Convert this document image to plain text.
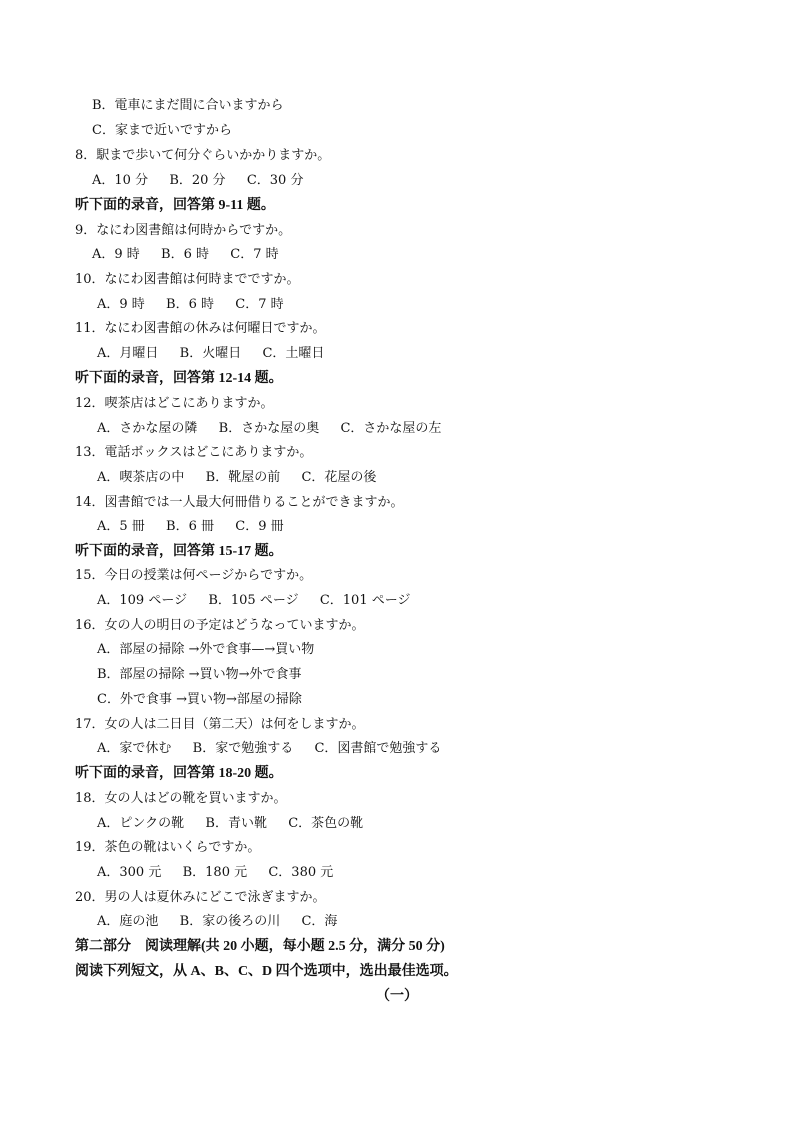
B．電車にまだ間に合いますから
C．家まで近いですから
8．駅まで歩いて何分ぐらいかかりますか。
A．10 分　  B．20 分　  C．30 分
听下面的录音，回答第 9-11 题。
9．なにわ図書館は何時からですか。
A．9 時　  B．6 時　  C．7 時
10．なにわ図書館は何時までですか。
A．9 時　  B．6 時　  C．7 時
11．なにわ図書館の休みは何曜日ですか。
A．月曜日　  B．火曜日　  C．土曜日
听下面的录音，回答第 12-14 题。
12．喫茶店はどこにありますか。
A．さかな屋の隣　  B．さかな屋の奥　  C．さかな屋の左
13．電話ボックスはどこにありますか。
A．喫茶店の中　  B．靴屋の前　  C．花屋の後
14．図書館では一人最大何冊借りることができますか。
A．5 冊　  B．6 冊　  C．9 冊
听下面的录音，回答第 15-17 题。
15．今日の授業は何ページからですか。
A．109 ページ　  B．105 ページ　  C．101 ページ
16．女の人の明日の予定はどうなっていますか。
A．部屋の掃除 →外で食事—→買い物
B．部屋の掃除 →買い物→外で食事
C．外で食事 →買い物→部屋の掃除
17．女の人は二日目（第二天）は何をしますか。
A．家で休む　  B．家で勉強する　  C．図書館で勉強する
听下面的录音，回答第 18-20 题。
18．女の人はどの靴を買いますか。
A．ピンクの靴　  B．青い靴　  C．茶色の靴
19．茶色の靴はいくらですか。
A．300 元　  B．180 元　  C．380 元
20．男の人は夏休みにどこで泳ぎますか。
A．庭の池　  B．家の後ろの川　  C．海
第二部分　阅读理解(共 20 小题，每小题 2.5 分，满分 50 分)
阅读下列短文，从 A、B、C、D 四个选项中，选出最佳选项。
（一）
